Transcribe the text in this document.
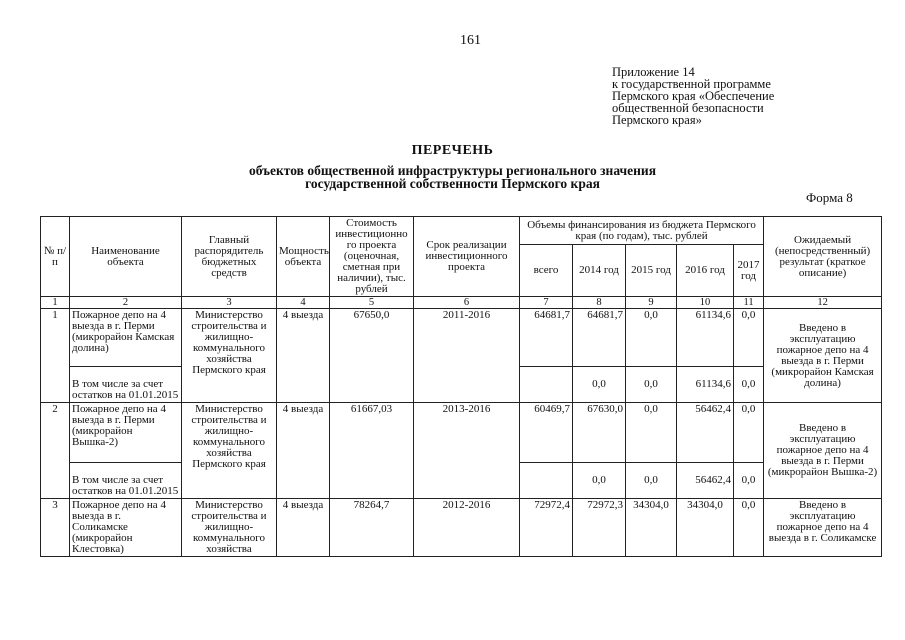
161
Приложение 14
к государственной программе
Пермского края «Обеспечение
общественной безопасности
Пермского края»
ПЕРЕЧЕНЬ
объектов общественной инфраструктуры регионального значения
государственной собственности Пермского края
Форма 8
№ п/п	Наименование объекта	Главный распорядитель бюджетных средств	Мощность объекта	Стоимость инвестиционно го проекта (оценочная, сметная при наличии), тыс. рублей	Срок реализации инвестиционного проекта	Объемы финансирования из бюджета Пермского края (по годам), тыс. рублей					Ожидаемый (непосредственный) результат (краткое описание)
						всего	2014 год	2015 год	2016 год	2017 год	
1	2	3	4	5	6	7	8	9	10	11	12
1	Пожарное депо на 4 выезда в г. Перми (микрорайон Камская долина)	Министерство строительства и жилищно-коммунального хозяйства Пермского края	4 выезда	67650,0	2011-2016	64681,7	64681,7	0,0	61134,6	0,0	Введено в эксплуатацию пожарное депо на 4 выезда в г. Перми (микрорайон Камская долина)
	В том числе за счет остатков на 01.01.2015						0,0	0,0	61134,6	0,0	
2	Пожарное депо на 4 выезда в г. Перми (микрорайон Вышка-2)	Министерство строительства и жилищно-коммунального хозяйства Пермского края	4 выезда	61667,03	2013-2016	60469,7	67630,0	0,0	56462,4	0,0	Введено в эксплуатацию пожарное депо на 4 выезда в г. Перми (микрорайон Вышка-2)
	В том числе за счет остатков на 01.01.2015						0,0	0,0	56462,4	0,0	
3	Пожарное депо на 4 выезда в г. Соликамске (микрорайон Клестовка)	Министерство строительства и жилищно-коммунального хозяйства	4 выезда	78264,7	2012-2016	72972,4	72972,3	34304,0	34304,0	0,0	Введено в эксплуатацию пожарное депо на 4 выезда в г. Соликамске
